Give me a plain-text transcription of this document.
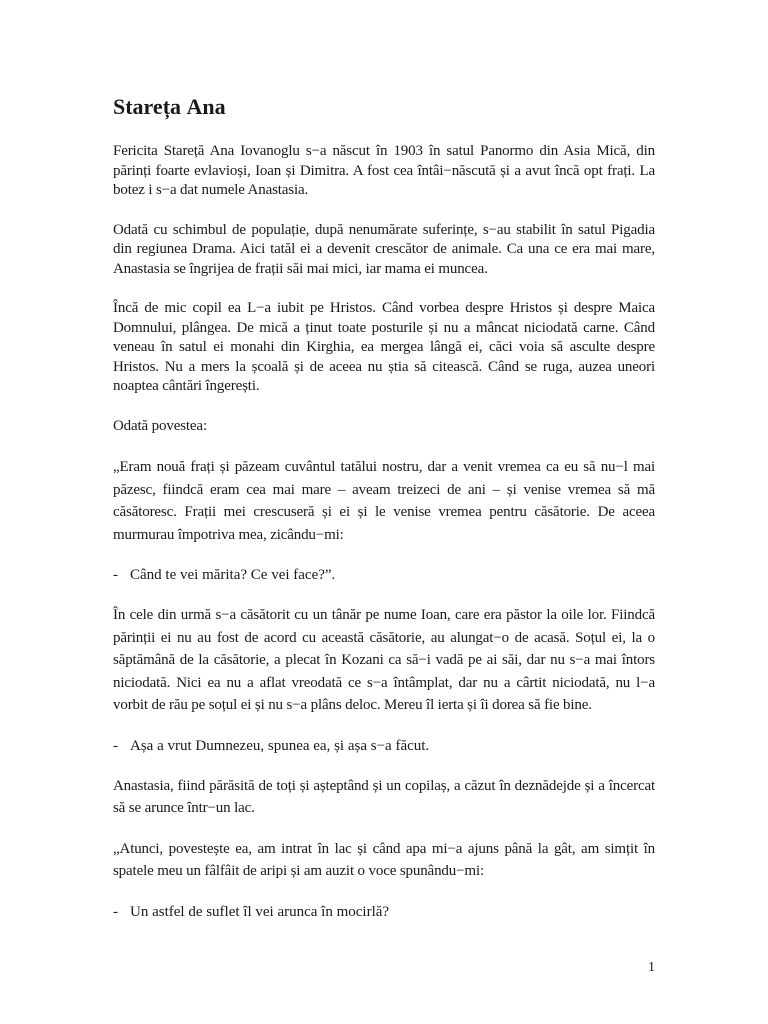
Starețа Ana

Fericita Stareță Ana Iovanoglu s−a născut în 1903 în satul Panormo din Asia Mică, din părinți foarte evlavioși, Ioan și Dimitra. A fost cea întâi−născută și a avut încă opt frați. La botez i s−a dat numele Anastasia.

Odată cu schimbul de populație, după nenumărate suferințe, s−au stabilit în satul Pigadia din regiunea Drama. Aici tatăl ei a devenit crescător de animale. Ca una ce era mai mare, Anastasia se îngrijea de frații săi mai mici, iar mama ei muncea.

Încă de mic copil ea L−a iubit pe Hristos. Când vorbea despre Hristos și despre Maica Domnului, plângea. De mică a ținut toate posturile și nu a mâncat niciodată carne. Când veneau în satul ei monahi din Kirghia, ea mergea lângă ei, căci voia să asculte despre Hristos. Nu a mers la școală și de aceea nu știa să citească. Când se ruga, auzea uneori noaptea cântări îngerești.

Odată povestea:

„Eram nouă frați și păzeam cuvântul tatălui nostru, dar a venit vremea ca eu să nu−l mai păzesc, fiindcă eram cea mai mare – aveam treizeci de ani – și venise vremea să mă căsătoresc. Frații mei crescuseră și ei și le venise vremea pentru căsătorie. De aceea murmurau împotriva mea, zicându−mi:

- Când te vei mărita? Ce vei face?”.

În cele din urmă s−a căsătorit cu un tânăr pe nume Ioan, care era păstor la oile lor. Fiindcă părinții ei nu au fost de acord cu această căsătorie, au alungat−o de acasă. Soțul ei, la o săptămână de la căsătorie, a plecat în Kozani ca să−i vadă pe ai săi, dar nu s−a mai întors niciodată. Nici ea nu a aflat vreodată ce s−a întâmplat, dar nu a cârtit niciodată, nu l−a vorbit de rău pe soțul ei și nu s−a plâns deloc. Mereu îl ierta și îi dorea să fie bine.

- Așa a vrut Dumnezeu, spunea ea, și așa s−a făcut.

Anastasia, fiind părăsită de toți și așteptând și un copilaș, a căzut în deznădejde și a încercat să se arunce într−un lac.

„Atunci, povestește ea, am intrat în lac și când apa mi−a ajuns până la gât, am simțit în spatele meu un fâlfâit de aripi și am auzit o voce spunându−mi:

- Un astfel de suflet îl vei arunca în mocirlă?
1
